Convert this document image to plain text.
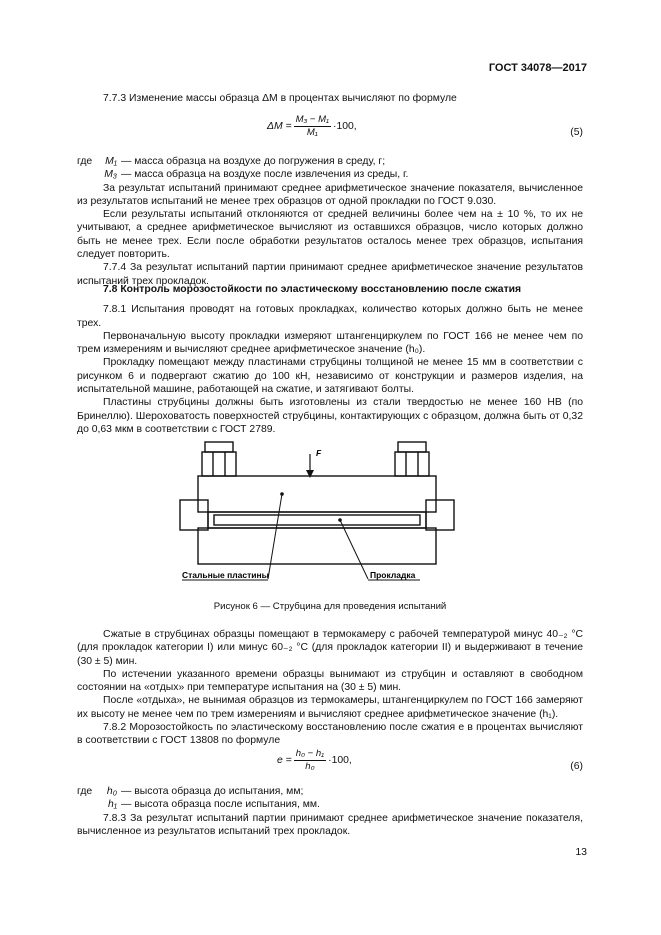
ГОСТ 34078—2017

7.7.3 Изменение массы образца ΔM в процентах вычисляют по формуле

$\Delta M = \frac{\text{M₃ − M₁}}{\text{M₁}} \cdot 100$,
(5)
где	M₁ — масса образца на воздухе до погружения в среду, г;
M₃ — масса образца на воздухе после извлечения из среды, г.

За результат испытаний принимают среднее арифметическое значение показателя, вычисленное из результатов испытаний не менее трех образцов от одной прокладки по ГОСТ 9.030.

Если результаты испытаний отклоняются от средней величины более чем на ± 10 %, то их не учитывают, а среднее арифметическое вычисляют из оставшихся образцов, число которых должно быть не менее трех. Если после обработки результатов осталось менее трех образцов, испытания следует повторить.

7.7.4 За результат испытаний партии принимают среднее арифметическое значение результатов испытаний трех прокладок.

7.8 Контроль морозостойкости по эластическому восстановлению после сжатия

7.8.1 Испытания проводят на готовых прокладках, количество которых должно быть не менее трех.

Первоначальную высоту прокладки измеряют штангенциркулем по ГОСТ 166 не менее чем по трем измерениям и вычисляют среднее арифметическое значение (h₀).

Прокладку помещают между пластинами струбцины толщиной не менее 15 мм в соответствии с рисунком 6 и подвергают сжатию до 100 кН, независимо от конструкции и размеров изделия, на испытательной машине, работающей на сжатие, и затягивают болты.

Пластины струбцины должны быть изготовлены из стали твердостью не менее 160 HB (по Бринеллю). Шероховатость поверхностей струбцины, контактирующих с образцом, должна быть от 0,32 до 0,63 мкм в соответствии с ГОСТ 2789.

F
Стальные пластины	Прокладка
Рисунок 6 — Струбцина для проведения испытаний

Сжатые в струбцинах образцы помещают в термокамеру с рабочей температурой минус 40₋₂ °С (для прокладок категории I) или минус 60₋₂ °С (для прокладок категории II) и выдерживают в течение (30 ± 5) мин.

По истечении указанного времени образцы вынимают из струбцин и оставляют в свободном состоянии на «отдых» при температуре испытания на (30 ± 5) мин.

После «отдыха», не вынимая образцов из термокамеры, штангенциркулем по ГОСТ 166 замеряют их высоту не менее чем по трем измерениям и вычисляют среднее арифметическое значение (h₁).

7.8.2 Морозостойкость по эластическому восстановлению после сжатия e в процентах вычисляют в соответствии с ГОСТ 13808 по формуле

$e = \frac{\text{h₀ − h₁}}{\text{h₀}} \cdot 100$,
(6)
где	h₀ — высота образца до испытания, мм;
h₁ — высота образца после испытания, мм.

7.8.3 За результат испытаний партии принимают среднее арифметическое значение показателя, вычисленное из результатов испытаний трех прокладок.

13
